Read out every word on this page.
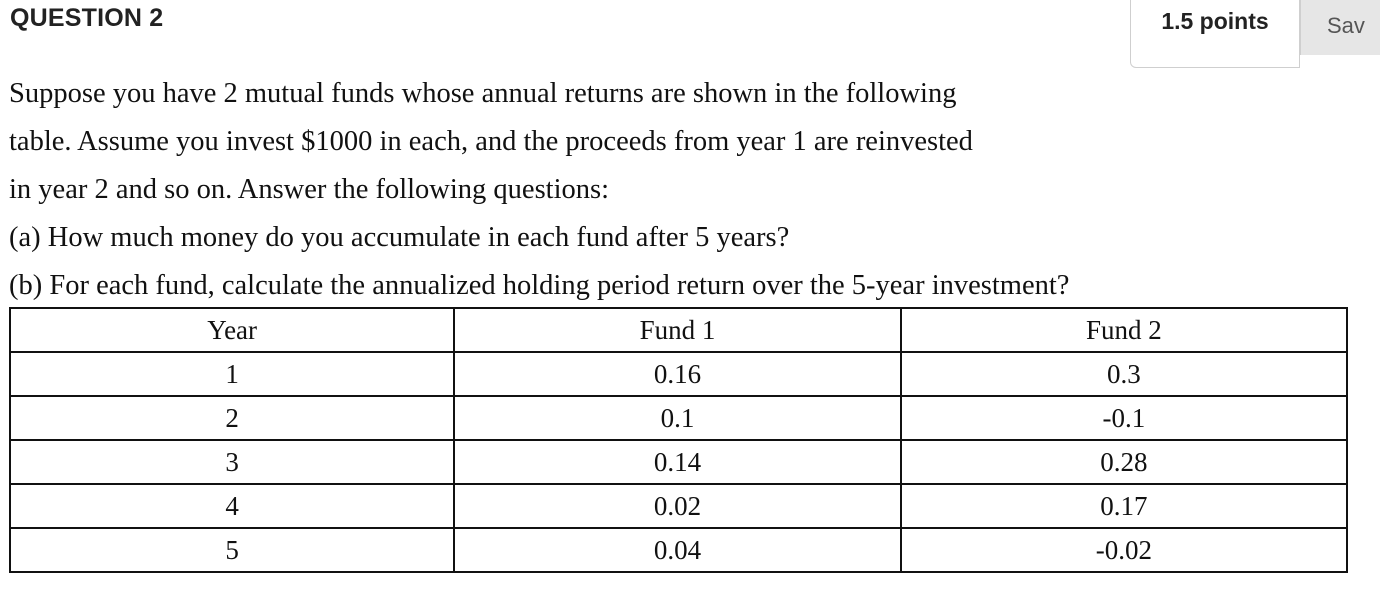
QUESTION 2	1.5 points	Sav

Suppose you have 2 mutual funds whose annual returns are shown in the following

table. Assume you invest $1000 in each, and the proceeds from year 1 are reinvested

in year 2 and so on. Answer the following questions:

(a) How much money do you accumulate in each fund after 5 years?

(b) For each fund, calculate the annualized holding period return over the 5-year investment?

Year	Fund 1	Fund 2
1	0.16	0.3
2	0.1	-0.1
3	0.14	0.28
4	0.02	0.17
5	0.04	-0.02
